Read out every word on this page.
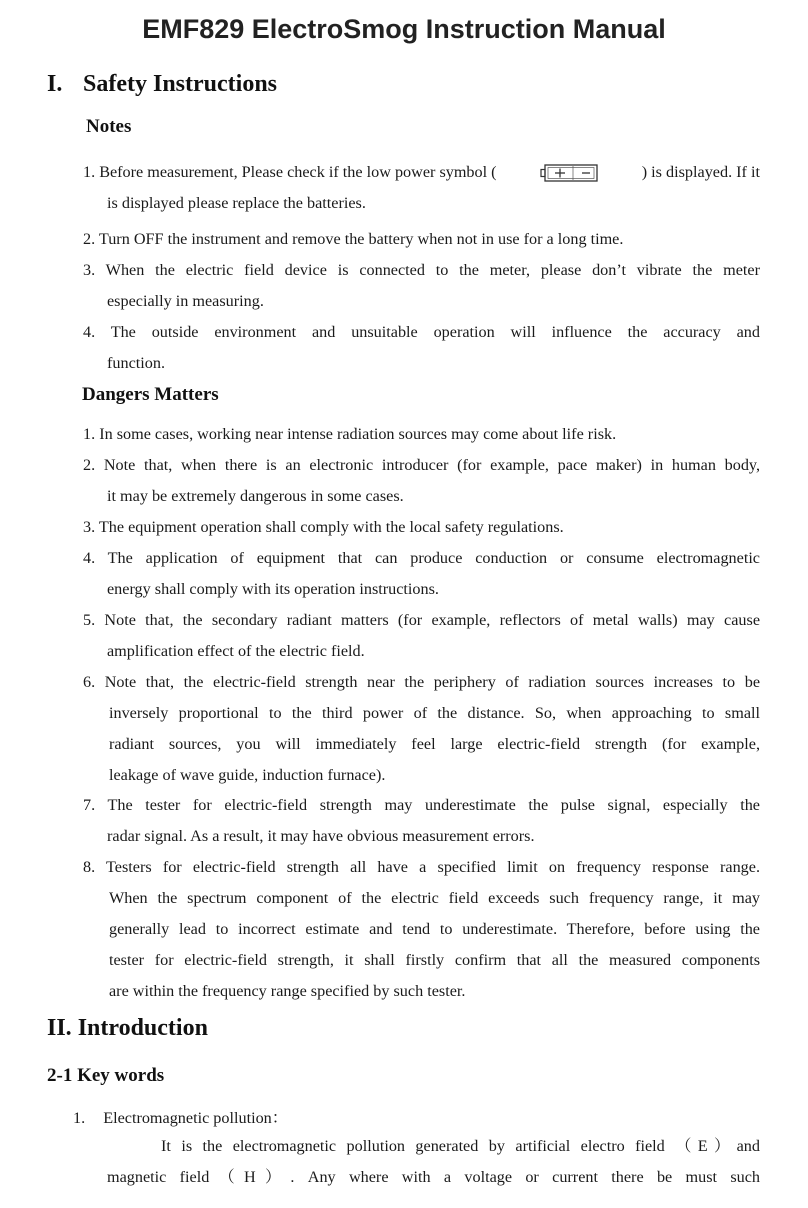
EMF829 ElectroSmog Instruction Manual
I. Safety Instructions
Notes
1. Before measurement, Please check if the low power symbol (	) is displayed. If it
is displayed please replace the batteries.
2. Turn OFF the instrument and remove the battery when not in use for a long time.
3. When the electric field device is connected to the meter, please don’t vibrate the meter
especially in measuring.
4. The outside environment and unsuitable operation will influence the accuracy and
function.
Dangers Matters
1. In some cases, working near intense radiation sources may come about life risk.
2. Note that, when there is an electronic introducer (for example, pace maker) in human body,
it may be extremely dangerous in some cases.
3. The equipment operation shall comply with the local safety regulations.
4. The application of equipment that can produce conduction or consume electromagnetic
energy shall comply with its operation instructions.
5. Note that, the secondary radiant matters (for example, reflectors of metal walls) may cause
amplification effect of the electric field.
6. Note that, the electric-field strength near the periphery of radiation sources increases to be
inversely proportional to the third power of the distance. So, when approaching to small
radiant sources, you will immediately feel large electric-field strength (for example,
leakage of wave guide, induction furnace).
7. The tester for electric-field strength may underestimate the pulse signal, especially the
radar signal. As a result, it may have obvious measurement errors.
8. Testers for electric-field strength all have a specified limit on frequency response range.
When the spectrum component of the electric field exceeds such frequency range, it may
generally lead to incorrect estimate and tend to underestimate. Therefore, before using the
tester for electric-field strength, it shall firstly confirm that all the measured components
are within the frequency range specified by such tester.
II. Introduction
2-1 Key words
1. Electromagnetic pollution：
It is the electromagnetic pollution generated by artificial electro field （E）and
magnetic field（H）. Any where with a voltage or current there be must such
